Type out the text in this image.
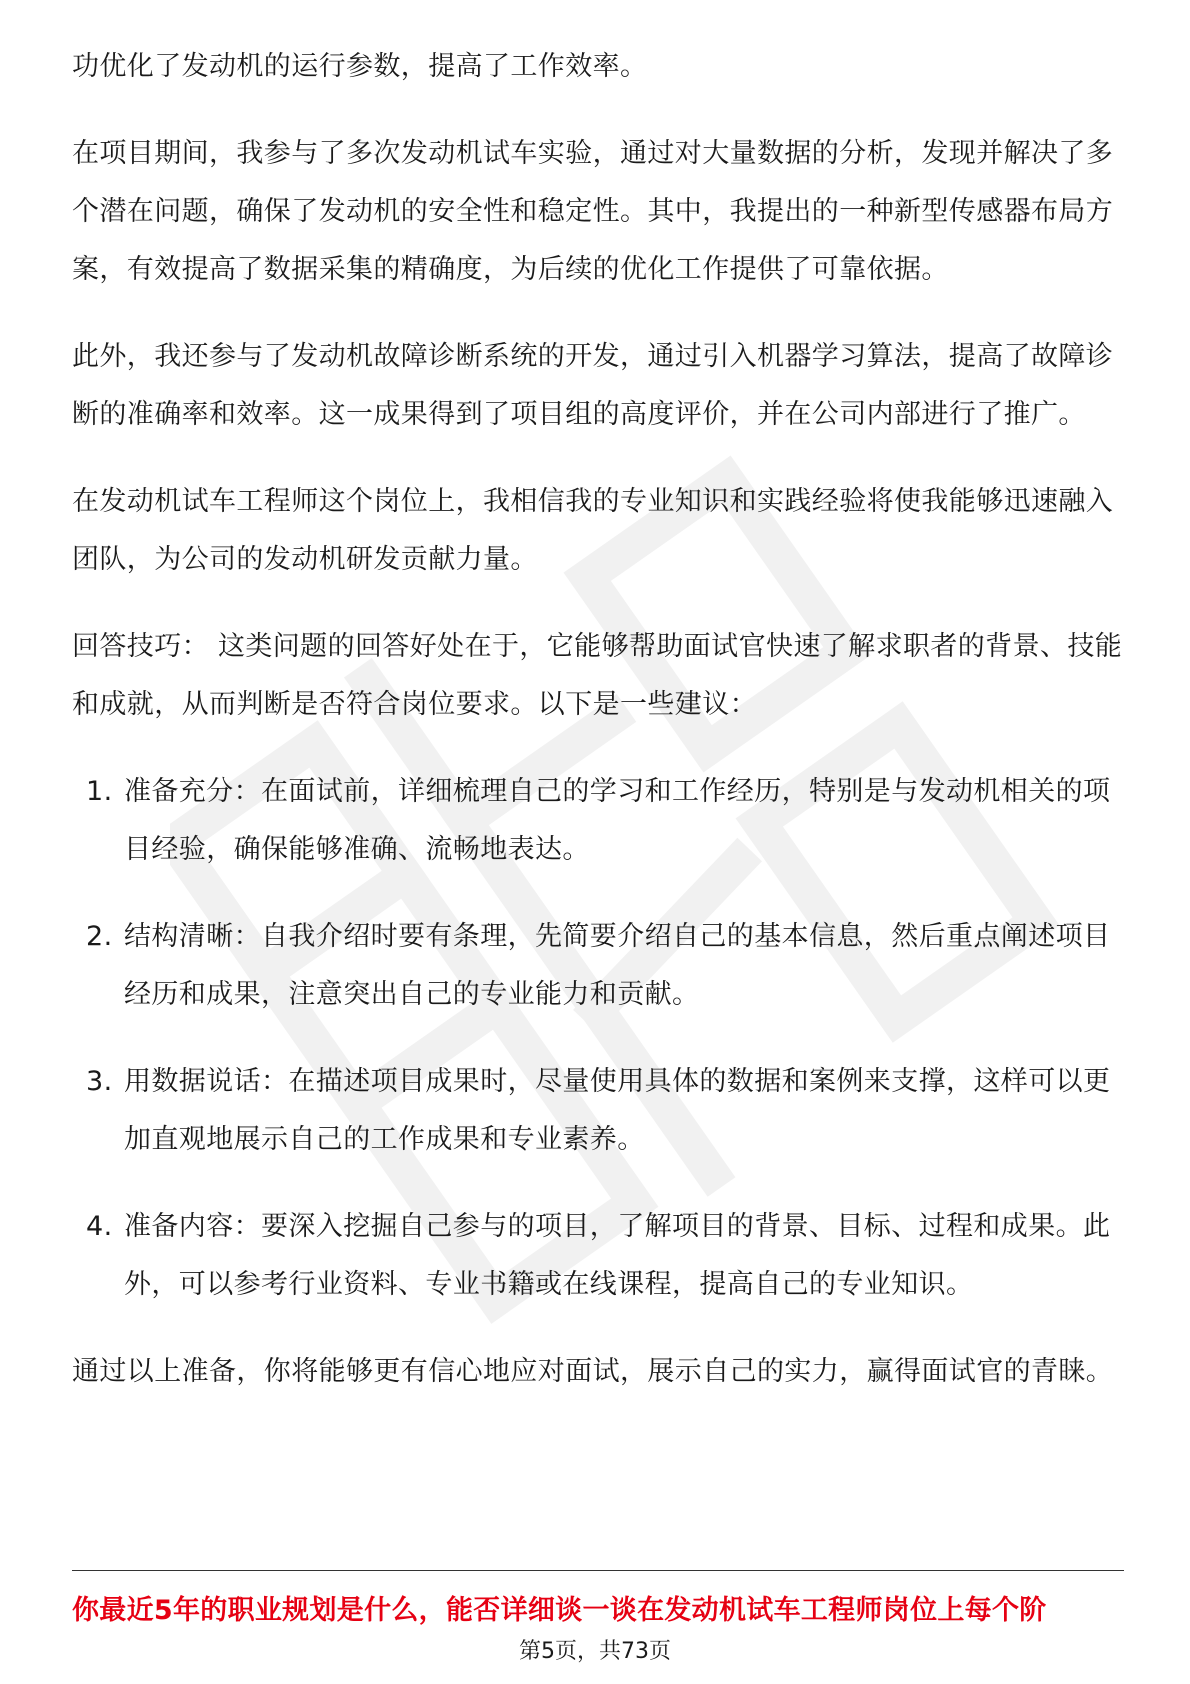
功优化了发动机的运行参数，提高了工作效率。

在项目期间，我参与了多次发动机试车实验，通过对大量数据的分析，发现并解决了多个潜在问题，确保了发动机的安全性和稳定性。其中，我提出的一种新型传感器布局方案，有效提高了数据采集的精确度，为后续的优化工作提供了可靠依据。

此外，我还参与了发动机故障诊断系统的开发，通过引入机器学习算法，提高了故障诊断的准确率和效率。这一成果得到了项目组的高度评价，并在公司内部进行了推广。

在发动机试车工程师这个岗位上，我相信我的专业知识和实践经验将使我能够迅速融入团队，为公司的发动机研发贡献力量。

回答技巧： 这类问题的回答好处在于，它能够帮助面试官快速了解求职者的背景、技能和成就，从而判断是否符合岗位要求。以下是一些建议：

1. 准备充分：在面试前，详细梳理自己的学习和工作经历，特别是与发动机相关的项目经验，确保能够准确、流畅地表达。
2. 结构清晰：自我介绍时要有条理，先简要介绍自己的基本信息，然后重点阐述项目经历和成果，注意突出自己的专业能力和贡献。
3. 用数据说话：在描述项目成果时，尽量使用具体的数据和案例来支撑，这样可以更加直观地展示自己的工作成果和专业素养。
4. 准备内容：要深入挖掘自己参与的项目，了解项目的背景、目标、过程和成果。此外，可以参考行业资料、专业书籍或在线课程，提高自己的专业知识。

通过以上准备，你将能够更有信心地应对面试，展示自己的实力，赢得面试官的青睐。

你最近5年的职业规划是什么，能否详细谈一谈在发动机试车工程师岗位上每个阶
第5页，共73页
